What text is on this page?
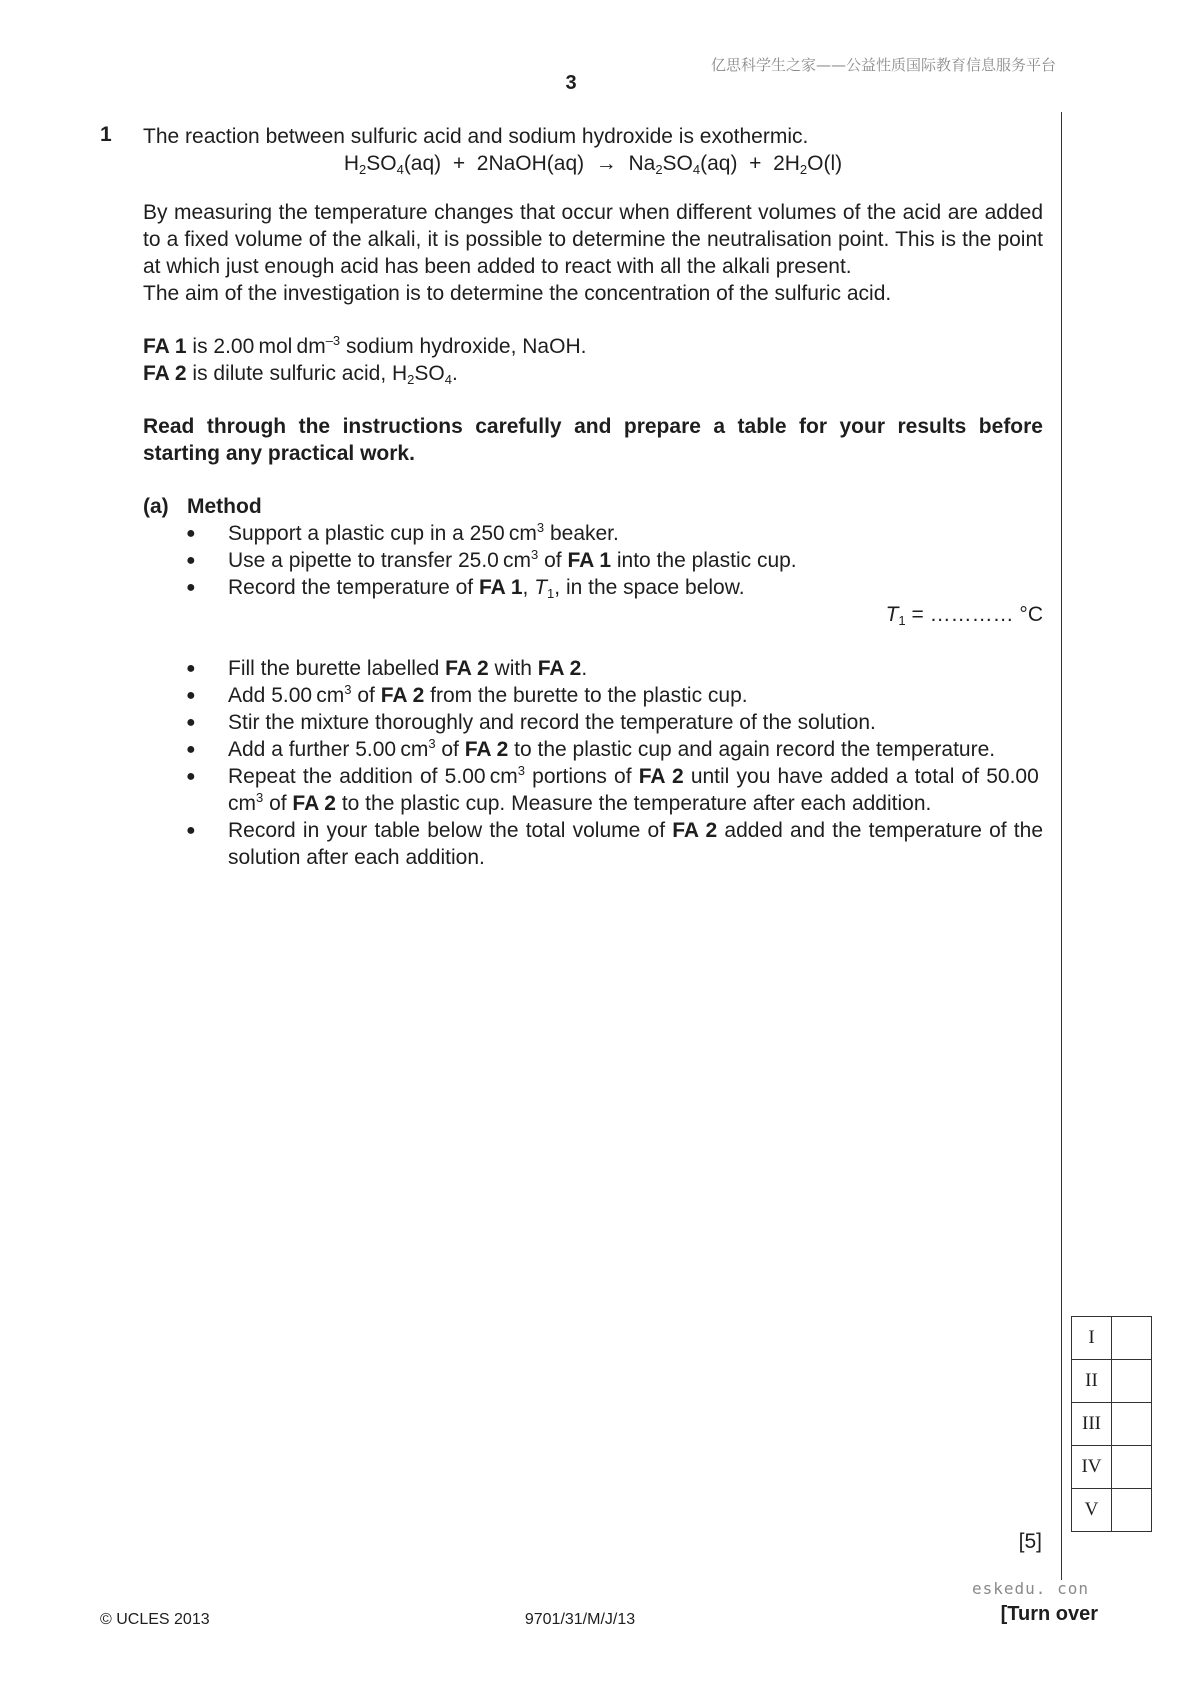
亿思科学生之家——公益性质国际教育信息服务平台
3
1 The reaction between sulfuric acid and sodium hydroxide is exothermic.

$H_2SO_4(aq)$  +  2NaOH(aq)  →  $Na_2SO_4(aq) + 2H_2O(l)$

By measuring the temperature changes that occur when different volumes of the acid are added to a fixed volume of the alkali, it is possible to determine the neutralisation point. This is the point at which just enough acid has been added to react with all the alkali present.

The aim of the investigation is to determine the concentration of the sulfuric acid.

FA 1 is 2.00 mol $dm^{-3}$ sodium hydroxide, NaOH.

FA 2 is dilute sulfuric acid, $H_2SO_4$.

Read through the instructions carefully and prepare a table for your results before starting any practical work.

(a) Method
● Support a plastic cup in a 250 $cm^3$ beaker.
● Use a pipette to transfer 25.0 $cm^3$ of FA 1 into the plastic cup.
● Record the temperature of FA 1, $T_1$, in the space below.

$T_1$ = ………… °C

● Fill the burette labelled FA 2 with FA 2.
● Add 5.00 $cm^3$ of FA 2 from the burette to the plastic cup.
● Stir the mixture thoroughly and record the temperature of the solution.
● Add a further 5.00 $cm^3$ of FA 2 to the plastic cup and again record the temperature.
● Repeat the addition of 5.00 $cm^3$ portions of FA 2 until you have added a total of 50.00 $cm^3$ of FA 2 to the plastic cup. Measure the temperature after each addition.
● Record in your table below the total volume of FA 2 added and the temperature of the solution after each addition.
I	
II	
III	
IV	
V	
[5]
eskedu. con
© UCLES 2013	9701/31/M/J/13	[Turn over
